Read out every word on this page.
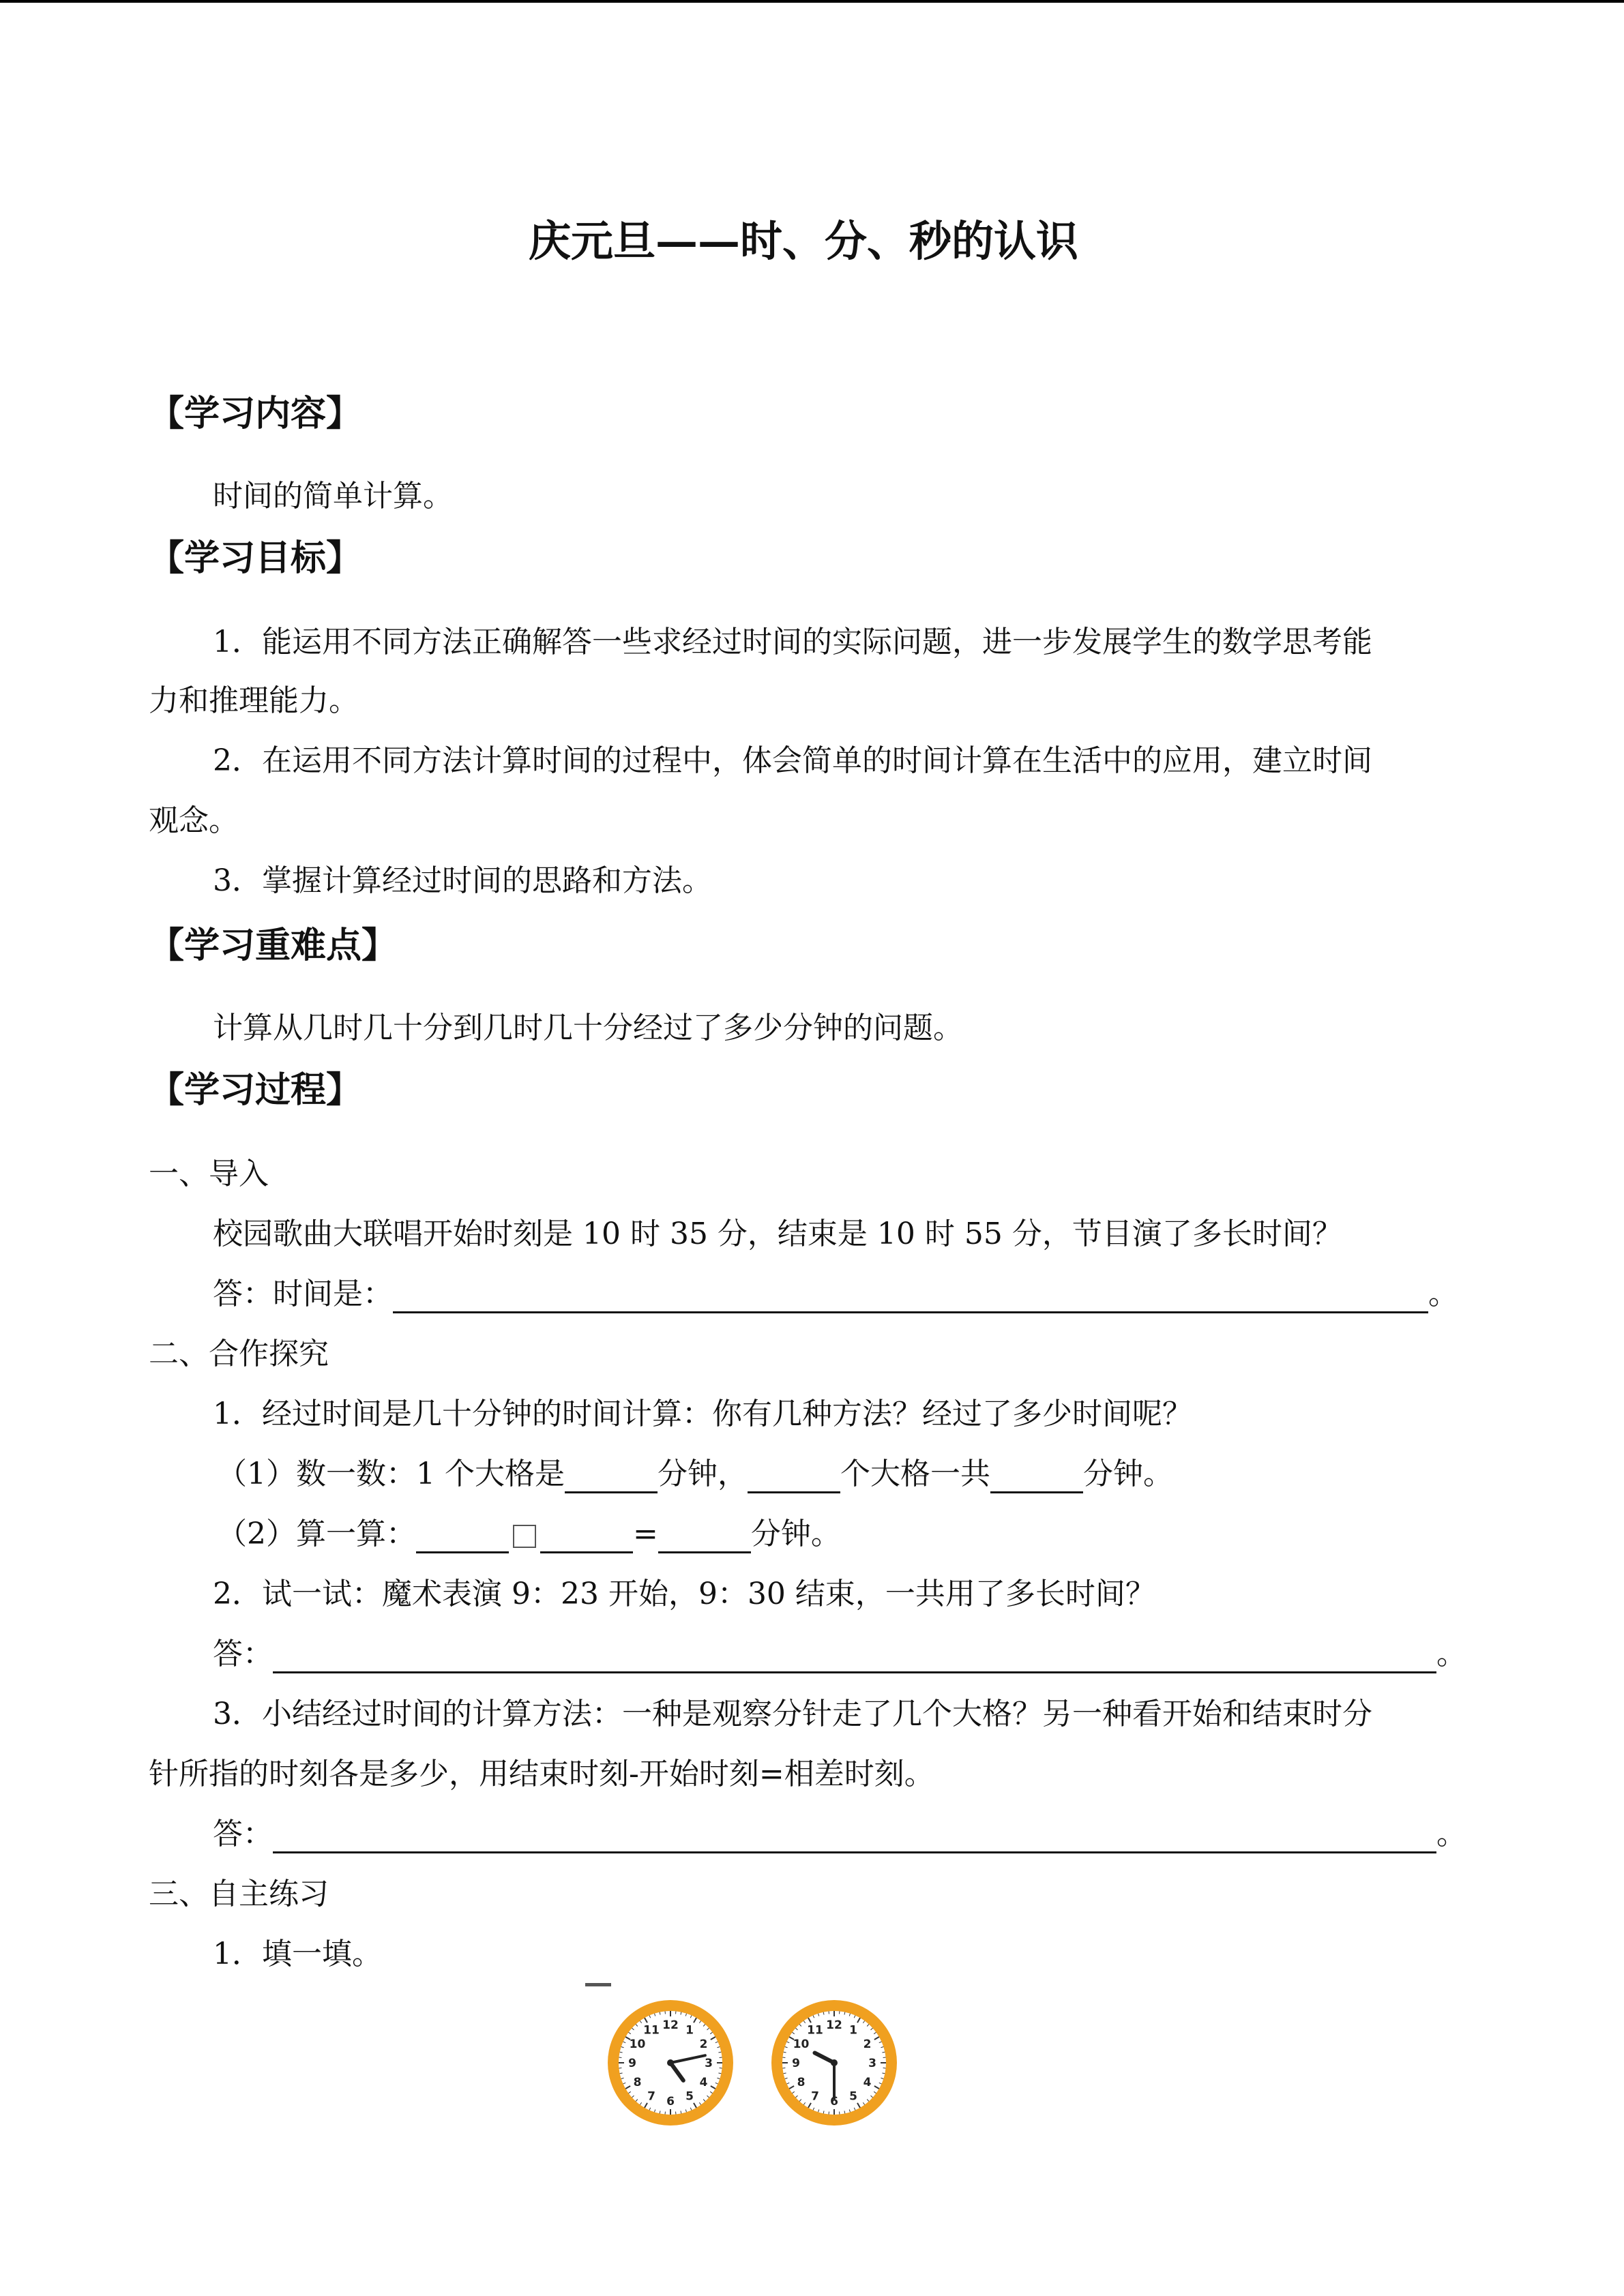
庆元旦——时、分、秒的认识
【学习内容】
时间的简单计算。
【学习目标】
1．能运用不同方法正确解答一些求经过时间的实际问题，进一步发展学生的数学思考能
力和推理能力。
2．在运用不同方法计算时间的过程中，体会简单的时间计算在生活中的应用，建立时间
观念。
3．掌握计算经过时间的思路和方法。
【学习重难点】
计算从几时几十分到几时几十分经过了多少分钟的问题。
【学习过程】
一、导入
校园歌曲大联唱开始时刻是 10 时 35 分，结束是 10 时 55 分，节目演了多长时间？
答：时间是：	。
二、合作探究
1．经过时间是几十分钟的时间计算：你有几种方法？经过了多少时间呢？
（1）数一数：1 个大格是	分钟，	个大格一共	分钟。
（2）算一算：	=	分钟。
2．试一试：魔术表演 9：23 开始，9：30 结束，一共用了多长时间？
答：	。
3．小结经过时间的计算方法：一种是观察分针走了几个大格？另一种看开始和结束时分
针所指的时刻各是多少，用结束时刻-开始时刻=相差时刻。
答：	。
三、自主练习
1．填一填。
12 1
2
3
4
5
6
7
8
9
10
11	12 1
2
3
4
5
6
7
8
9
10
11
